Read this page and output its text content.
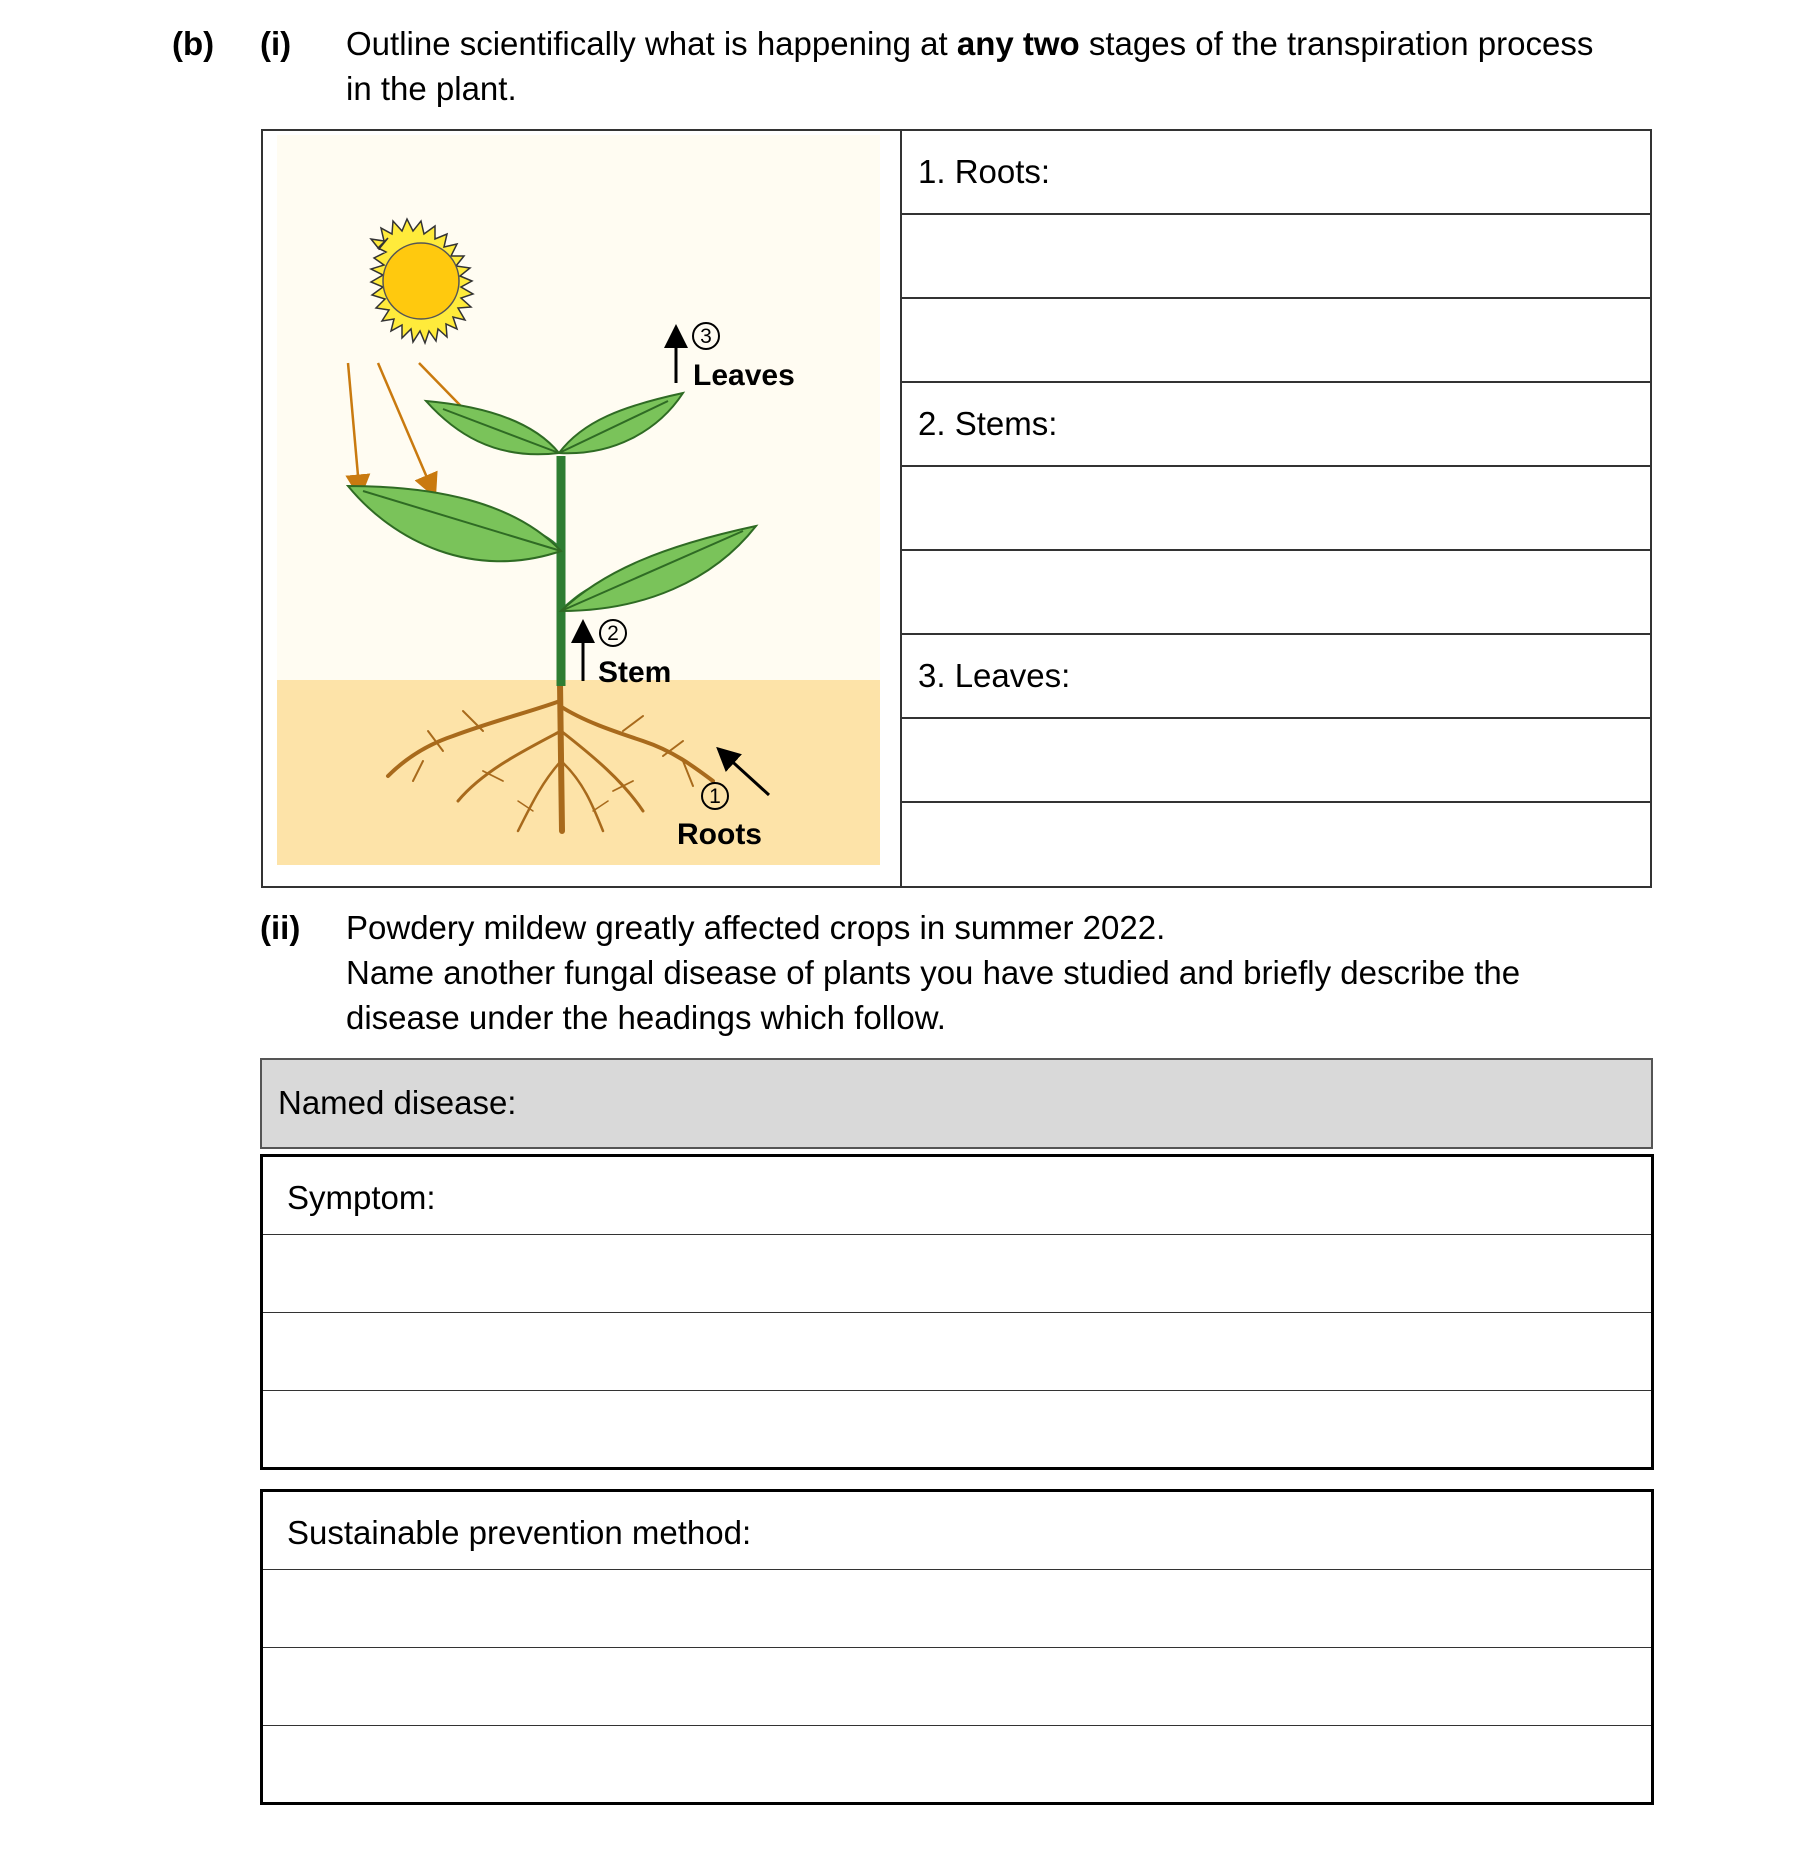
(b) (i) Outline scientifically what is happening at any two stages of the transpiration process
in the plant.
3
Leaves
2
Stem
1
Roots
1. Roots:
2. Stems:
3. Leaves:
(ii) Powdery mildew greatly affected crops in summer 2022.
Name another fungal disease of plants you have studied and briefly describe the
disease under the headings which follow.
Named disease:
Symptom:
Sustainable prevention method:
